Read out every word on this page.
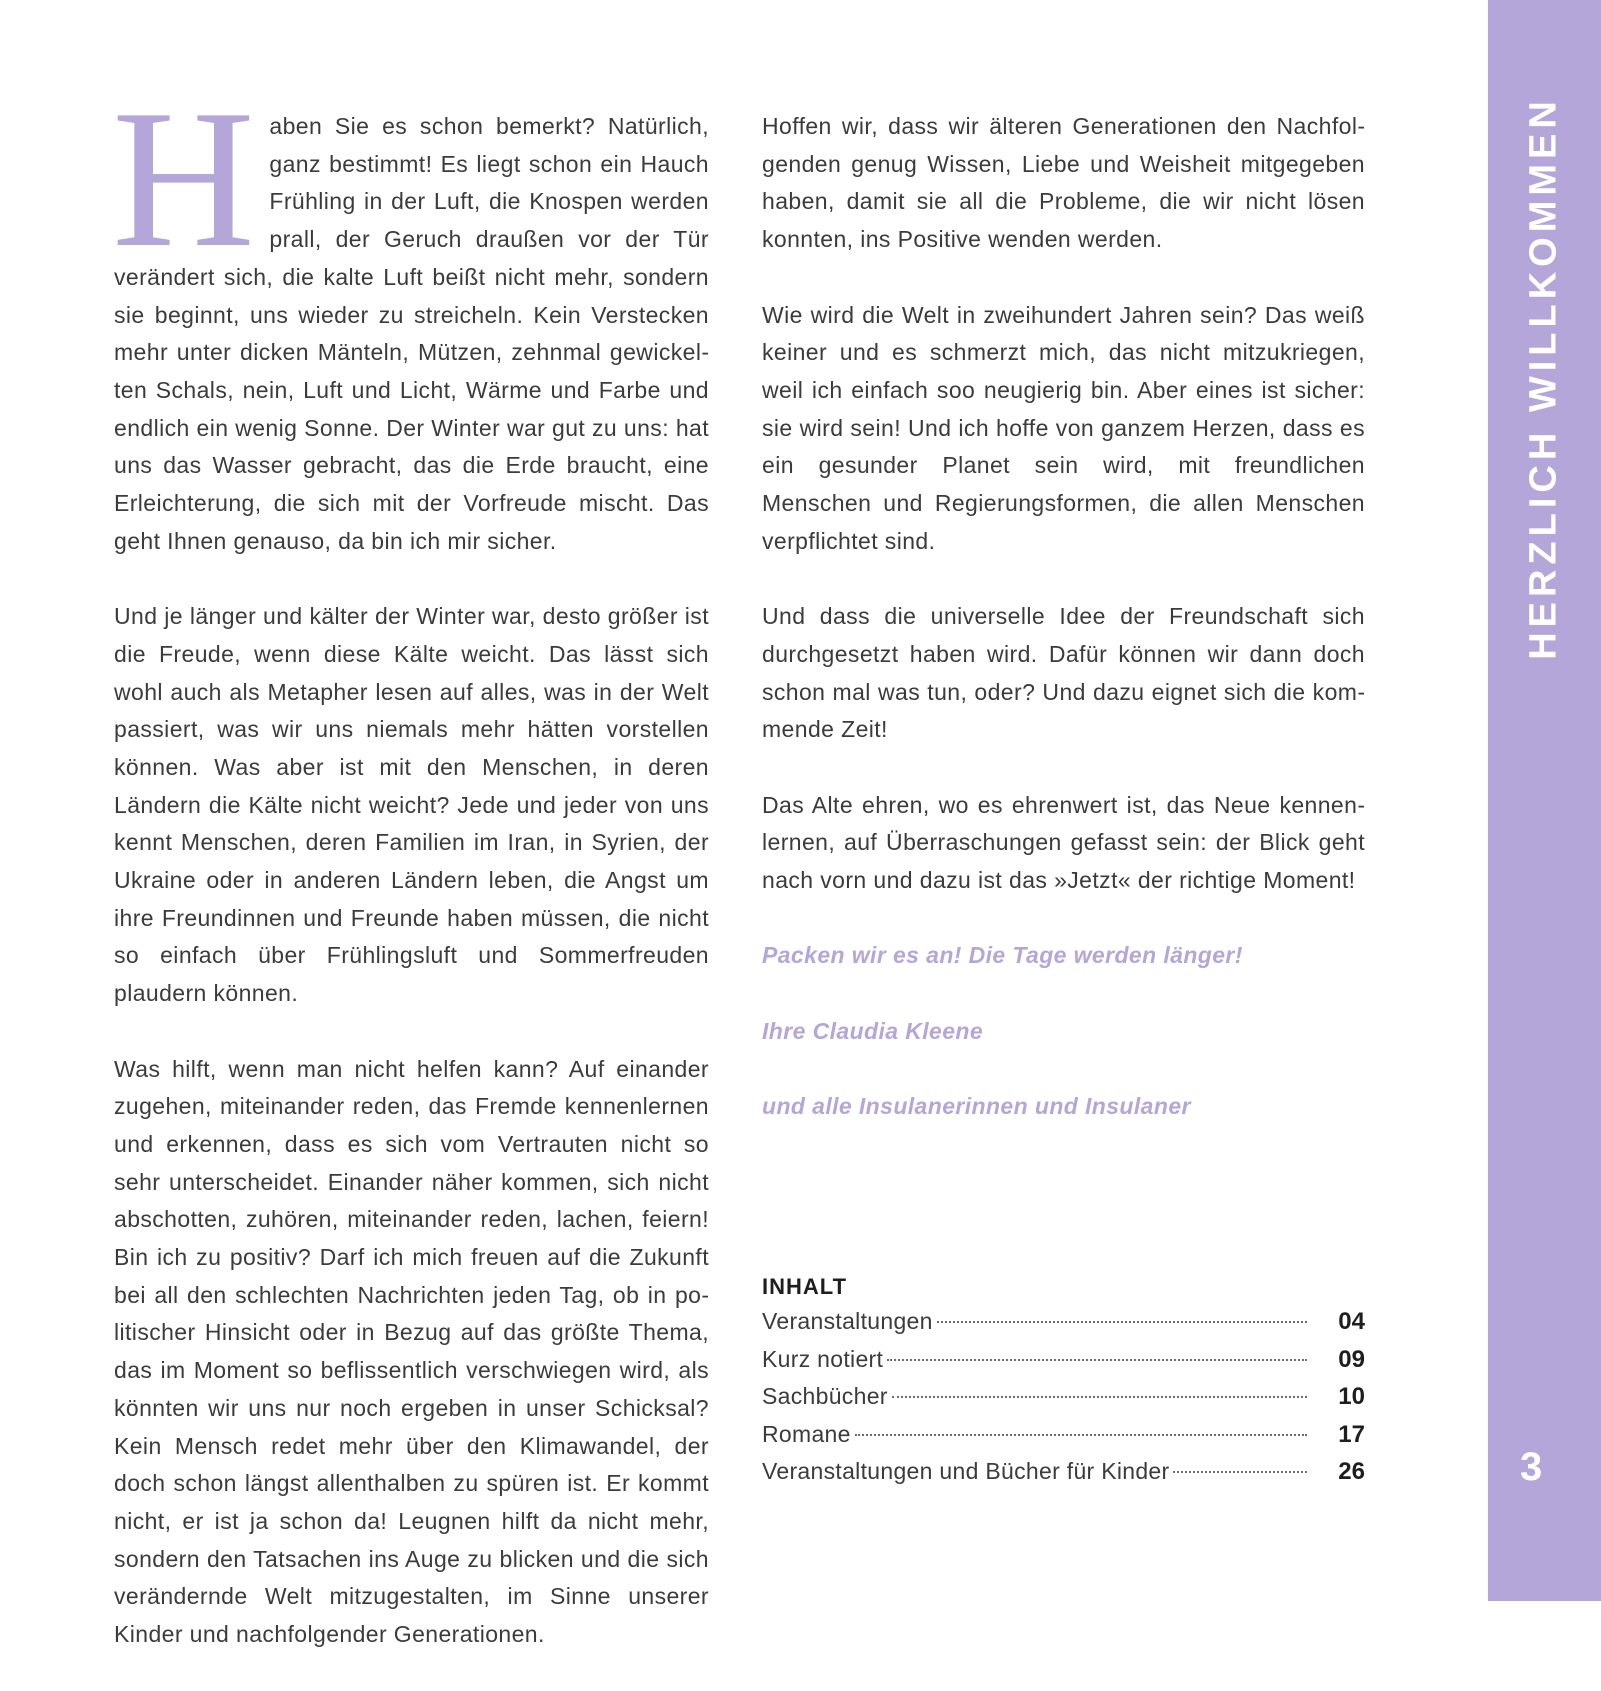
Haben Sie es schon bemerkt? Natürlich, ganz bestimmt! Es liegt schon ein Hauch Frühling in der Luft, die Knospen werden prall, der Geruch draußen vor der Tür verändert sich, die kalte Luft beißt nicht mehr, sondern sie beginnt, uns wieder zu streicheln. Kein Verstecken mehr unter dicken Mänteln, Mützen, zehnmal gewickelten Schals, nein, Luft und Licht, Wärme und Farbe und endlich ein wenig Sonne. Der Winter war gut zu uns: hat uns das Wasser gebracht, das die Erde braucht, eine Erleichterung, die sich mit der Vorfreude mischt. Das geht Ihnen genauso, da bin ich mir sicher.

Und je länger und kälter der Winter war, desto größer ist die Freude, wenn diese Kälte weicht. Das lässt sich wohl auch als Metapher lesen auf alles, was in der Welt passiert, was wir uns niemals mehr hätten vorstellen können. Was aber ist mit den Menschen, in deren Ländern die Kälte nicht weicht? Jede und jeder von uns kennt Menschen, deren Familien im Iran, in Syrien, der Ukraine oder in anderen Ländern leben, die Angst um ihre Freundinnen und Freunde haben müssen, die nicht so einfach über Frühlingsluft und Sommerfreuden plaudern können.

Was hilft, wenn man nicht helfen kann? Auf einander zugehen, miteinander reden, das Fremde kennenlernen und erkennen, dass es sich vom Vertrauten nicht so sehr unterscheidet. Einander näher kommen, sich nicht abschotten, zuhören, miteinander reden, lachen, feiern! Bin ich zu positiv? Darf ich mich freuen auf die Zukunft bei all den schlechten Nachrichten jeden Tag, ob in politischer Hinsicht oder in Bezug auf das größte Thema, das im Moment so beflissentlich verschwiegen wird, als könnten wir uns nur noch ergeben in unser Schicksal? Kein Mensch redet mehr über den Klimawandel, der doch schon längst allenthalben zu spüren ist. Er kommt nicht, er ist ja schon da! Leugnen hilft da nicht mehr, sondern den Tatsachen ins Auge zu blicken und die sich verändernde Welt mitzugestalten, im Sinne unserer Kinder und nachfolgender Generationen.

Hoffen wir, dass wir älteren Generationen den Nachfolgenden genug Wissen, Liebe und Weisheit mitgegeben haben, damit sie all die Probleme, die wir nicht lösen konnten, ins Positive wenden werden.

Wie wird die Welt in zweihundert Jahren sein? Das weiß keiner und es schmerzt mich, das nicht mitzukriegen, weil ich einfach soo neugierig bin. Aber eines ist sicher: sie wird sein! Und ich hoffe von ganzem Herzen, dass es ein gesunder Planet sein wird, mit freundlichen Menschen und Regierungsformen, die allen Menschen verpflichtet sind.

Und dass die universelle Idee der Freundschaft sich durchgesetzt haben wird. Dafür können wir dann doch schon mal was tun, oder? Und dazu eignet sich die kommende Zeit!

Das Alte ehren, wo es ehrenwert ist, das Neue kennenlernen, auf Überraschungen gefasst sein: der Blick geht nach vorn und dazu ist das »Jetzt« der richtige Moment!

Packen wir es an! Die Tage werden länger!

Ihre Claudia Kleene

und alle Insulanerinnen und Insulaner

INHALT
Veranstaltungen	04
Kurz notiert	09
Sachbücher	10
Romane	17
Veranstaltungen und Bücher für Kinder	26
HERZLICH WILLKOMMEN
3
